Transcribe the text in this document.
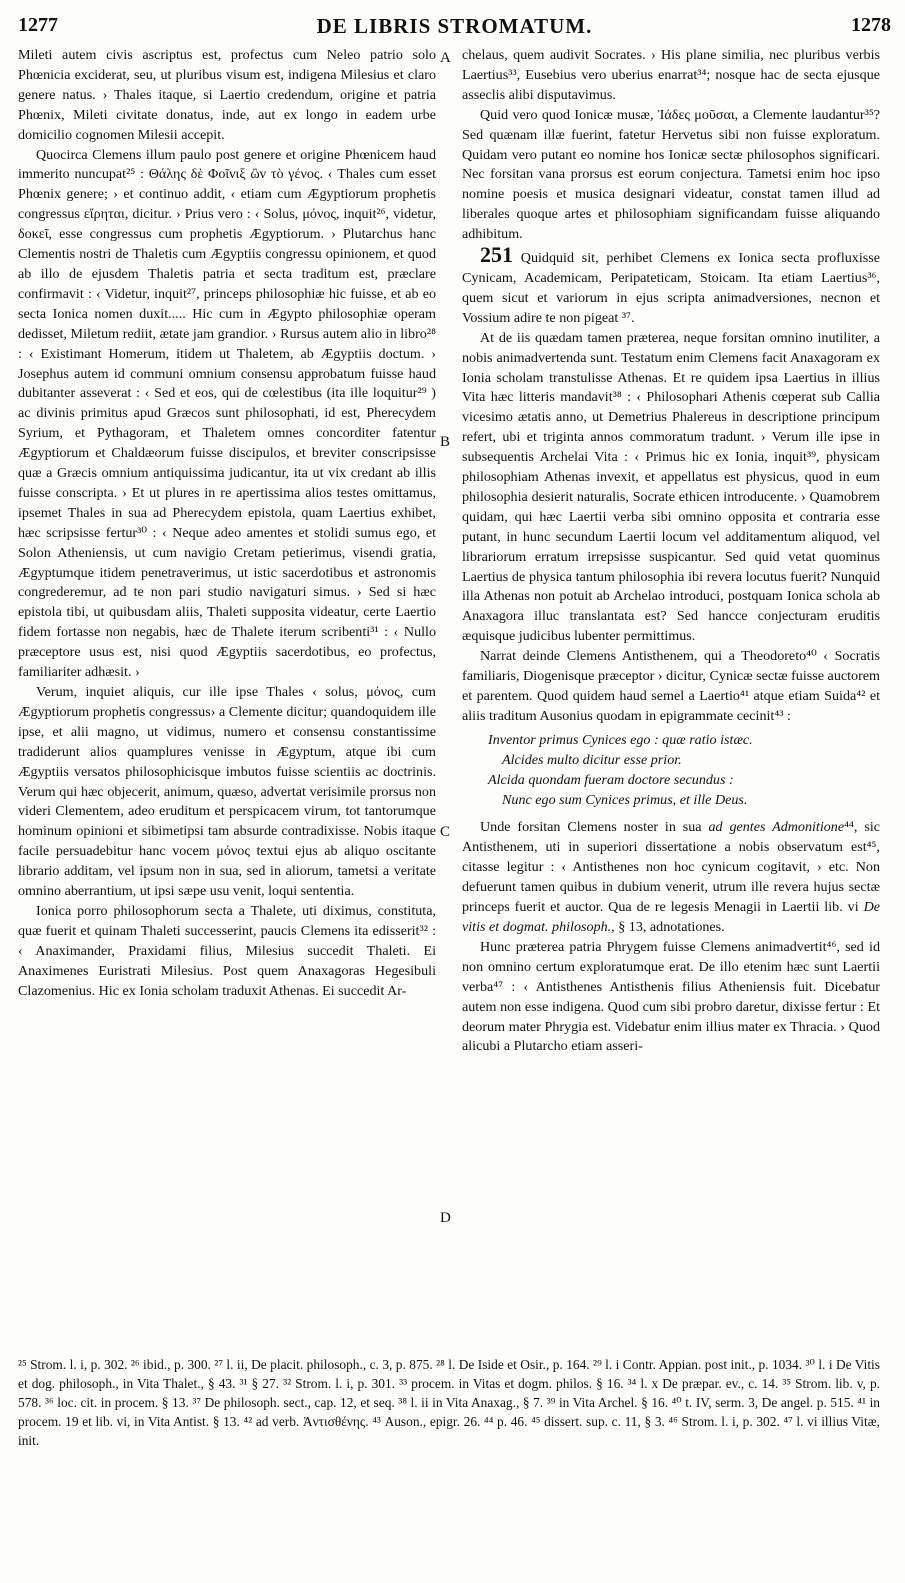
1277	DE LIBRIS STROMATUM.	1278
A
B
C
D

Mileti autem civis ascriptus est, profectus cum Neleo patrio solo Phœnicia exciderat, seu, ut pluribus visum est, indigena Milesius et claro genere natus. › Thales itaque, si Laertio credendum, origine et patria Phœnix, Mileti civitate donatus, inde, aut ex longo in eadem urbe domicilio cognomen Milesii accepit.

Quocirca Clemens illum paulo post genere et origine Phœnicem haud immerito nuncupat²⁵ : Θάλης δὲ Φοῖνιξ ὢν τὸ γένος. ‹ Thales cum esset Phœnix genere; › et continuo addit, ‹ etiam cum Ægyptiorum prophetis congressus εἴρηται, dicitur. › Prius vero : ‹ Solus, μόνος, inquit²⁶, videtur, δοκεῖ, esse congressus cum prophetis Ægyptiorum. › Plutarchus hanc Clementis nostri de Thaletis cum Ægyptiis congressu opinionem, et quod ab illo de ejusdem Thaletis patria et secta traditum est, præclare confirmavit : ‹ Videtur, inquit²⁷, princeps philosophiæ hic fuisse, et ab eo secta Ionica nomen duxit..... Hic cum in Ægypto philosophiæ operam dedisset, Miletum rediit, ætate jam grandior. › Rursus autem alio in libro²⁸ : ‹ Existimant Homerum, itidem ut Thaletem, ab Ægyptiis doctum. › Josephus autem id communi omnium consensu approbatum fuisse haud dubitanter asseverat : ‹ Sed et eos, qui de cœlestibus (ita ille loquitur²⁹ ) ac divinis primitus apud Græcos sunt philosophati, id est, Pherecydem Syrium, et Pythagoram, et Thaletem omnes concorditer fatentur Ægyptiorum et Chaldæorum fuisse discipulos, et breviter conscripsisse quæ a Græcis omnium antiquissima judicantur, ita ut vix credant ab illis fuisse conscripta. › Et ut plures in re apertissima alios testes omittamus, ipsemet Thales in sua ad Pherecydem epistola, quam Laertius exhibet, hæc scripsisse fertur³⁰ : ‹ Neque adeo amentes et stolidi sumus ego, et Solon Atheniensis, ut cum navigio Cretam petierimus, visendi gratia, Ægyptumque itidem penetraverimus, ut istic sacerdotibus et astronomis congrederemur, ad te non pari studio navigaturi simus. › Sed si hæc epistola tibi, ut quibusdam aliis, Thaleti supposita videatur, certe Laertio fidem fortasse non negabis, hæc de Thalete iterum scribenti³¹ : ‹ Nullo præceptore usus est, nisi quod Ægyptiis sacerdotibus, eo profectus, familiariter adhæsit. ›

Verum, inquiet aliquis, cur ille ipse Thales ‹ solus, μόνος, cum Ægyptiorum prophetis congressus› a Clemente dicitur; quandoquidem ille ipse, et alii magno, ut vidimus, numero et consensu constantissime tradiderunt alios quamplures venisse in Ægyptum, atque ibi cum Ægyptiis versatos philosophicisque imbutos fuisse scientiis ac doctrinis. Verum qui hæc objecerit, animum, quæso, advertat verisimile prorsus non videri Clementem, adeo eruditum et perspicacem virum, tot tantorumque hominum opinioni et sibimetipsi tam absurde contradixisse. Nobis itaque facile persuadebitur hanc vocem μόνος textui ejus ab aliquo oscitante librario additam, vel ipsum non in sua, sed in aliorum, tametsi a veritate omnino aberrantium, ut ipsi sæpe usu venit, loqui sententia.

Ionica porro philosophorum secta a Thalete, uti diximus, constituta, quæ fuerit et quinam Thaleti successerint, paucis Clemens ita edisserit³² : ‹ Anaximander, Praxidami filius, Milesius succedit Thaleti. Ei Anaximenes Euristrati Milesius. Post quem Anaxagoras Hegesibuli Clazomenius. Hic ex Ionia scholam traduxit Athenas. Ei succedit Ar-

chelaus, quem audivit Socrates. › His plane similia, nec pluribus verbis Laertius³³, Eusebius vero uberius enarrat³⁴; nosque hac de secta ejusque asseclis alibi disputavimus.

Quid vero quod Ionicæ musæ, Ἰάδες μοῦσαι, a Clemente laudantur³⁵? Sed quænam illæ fuerint, fatetur Hervetus sibi non fuisse exploratum. Quidam vero putant eo nomine hos Ionicæ sectæ philosophos significari. Nec forsitan vana prorsus est eorum conjectura. Tametsi enim hoc ipso nomine poesis et musica designari videatur, constat tamen illud ad liberales quoque artes et philosophiam significandam fuisse aliquando adhibitum.

251 Quidquid sit, perhibet Clemens ex Ionica secta profluxisse Cynicam, Academicam, Peripateticam, Stoicam. Ita etiam Laertius³⁶, quem sicut et variorum in ejus scripta animadversiones, necnon et Vossium adire te non pigeat ³⁷.

At de iis quædam tamen præterea, neque forsitan omnino inutiliter, a nobis animadvertenda sunt. Testatum enim Clemens facit Anaxagoram ex Ionia scholam transtulisse Athenas. Et re quidem ipsa Laertius in illius Vita hæc litteris mandavit³⁸ : ‹ Philosophari Athenis cœperat sub Callia vicesimo ætatis anno, ut Demetrius Phalereus in descriptione principum refert, ubi et triginta annos commoratum tradunt. › Verum ille ipse in subsequentis Archelai Vita : ‹ Primus hic ex Ionia, inquit³⁹, physicam philosophiam Athenas invexit, et appellatus est physicus, quod in eum philosophia desierit naturalis, Socrate ethicen introducente. › Quamobrem quidam, qui hæc Laertii verba sibi omnino opposita et contraria esse putant, in hunc secundum Laertii locum vel additamentum aliquod, vel librariorum erratum irrepsisse suspicantur. Sed quid vetat quominus Laertius de physica tantum philosophia ibi revera locutus fuerit? Nunquid illa Athenas non potuit ab Archelao introduci, postquam Ionica schola ab Anaxagora illuc translantata est? Sed hancce conjecturam eruditis æquisque judicibus lubenter permittimus.

Narrat deinde Clemens Antisthenem, qui a Theodoreto⁴⁰ ‹ Socratis familiaris, Diogenisque præceptor › dicitur, Cynicæ sectæ fuisse auctorem et parentem. Quod quidem haud semel a Laertio⁴¹ atque etiam Suida⁴² et aliis traditum Ausonius quodam in epigrammate cecinit⁴³ :

Inventor primus Cynices ego : quæ ratio istæc.
Alcides multo dicitur esse prior.
Alcida quondam fueram doctore secundus :
Nunc ego sum Cynices primus, et ille Deus.

Unde forsitan Clemens noster in sua ad gentes Admonitione⁴⁴, sic Antisthenem, uti in superiori dissertatione a nobis observatum est⁴⁵, citasse legitur : ‹ Antisthenes non hoc cynicum cogitavit, › etc. Non defuerunt tamen quibus in dubium venerit, utrum ille revera hujus sectæ princeps fuerit et auctor. Qua de re legesis Menagii in Laertii lib. vi De vitis et dogmat. philosoph., § 13, adnotationes.

Hunc præterea patria Phrygem fuisse Clemens animadvertit⁴⁶, sed id non omnino certum exploratumque erat. De illo etenim hæc sunt Laertii verba⁴⁷ : ‹ Antisthenes Antisthenis filius Atheniensis fuit. Dicebatur autem non esse indigena. Quod cum sibi probro daretur, dixisse fertur : Et deorum mater Phrygia est. Videbatur enim illius mater ex Thracia. › Quod alicubi a Plutarcho etiam asseri-

²⁵ Strom. l. i, p. 302. ²⁶ ibid., p. 300. ²⁷ l. ii, De placit. philosoph., c. 3, p. 875. ²⁸ l. De Iside et Osir., p. 164. ²⁹ l. i Contr. Appian. post init., p. 1034. ³⁰ l. i De Vitis et dog. philosoph., in Vita Thalet., § 43. ³¹ § 27. ³² Strom. l. i, p. 301. ³³ procem. in Vitas et dogm. philos. § 16. ³⁴ l. x De præpar. ev., c. 14. ³⁵ Strom. lib. v, p. 578. ³⁶ loc. cit. in procem. § 13. ³⁷ De philosoph. sect., cap. 12, et seq. ³⁸ l. ii in Vita Anaxag., § 7. ³⁹ in Vita Archel. § 16. ⁴⁰ t. IV, serm. 3, De angel. p. 515. ⁴¹ in procem. 19 et lib. vi, in Vita Antist. § 13. ⁴² ad verb. Ἀντισθένης. ⁴³ Auson., epigr. 26. ⁴⁴ p. 46. ⁴⁵ dissert. sup. c. 11, § 3. ⁴⁶ Strom. l. i, p. 302. ⁴⁷ l. vi illius Vitæ, init.
